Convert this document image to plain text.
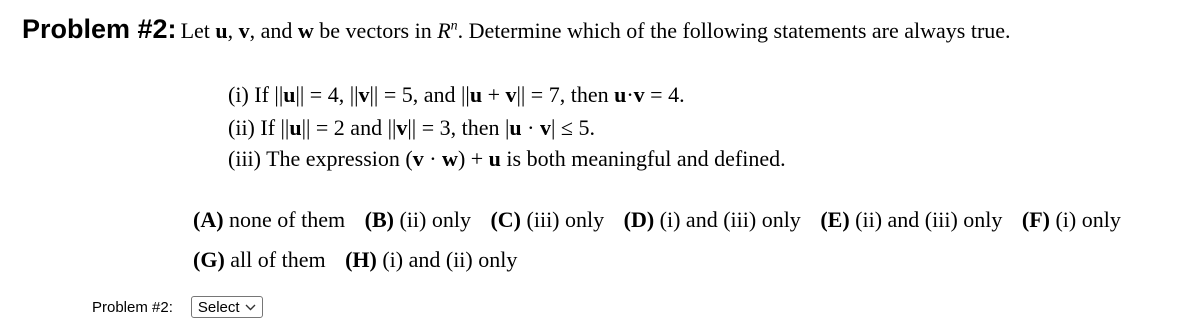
Problem #2: Let u, v, and w be vectors in $R^n$. Determine which of the following statements are always true.
(i) If ||u|| = 4, ||v|| = 5, and ||u + v|| = 7, then u·v = 4.
(ii) If ||u|| = 2 and ||v|| = 3, then |u · v| ≤ 5.
(iii) The expression (v · w) + u is both meaningful and defined.
(A) none of them (B) (ii) only (C) (iii) only (D) (i) and (iii) only (E) (ii) and (iii) only (F) (i) only
(G) all of them (H) (i) and (ii) only
Problem #2: Select
